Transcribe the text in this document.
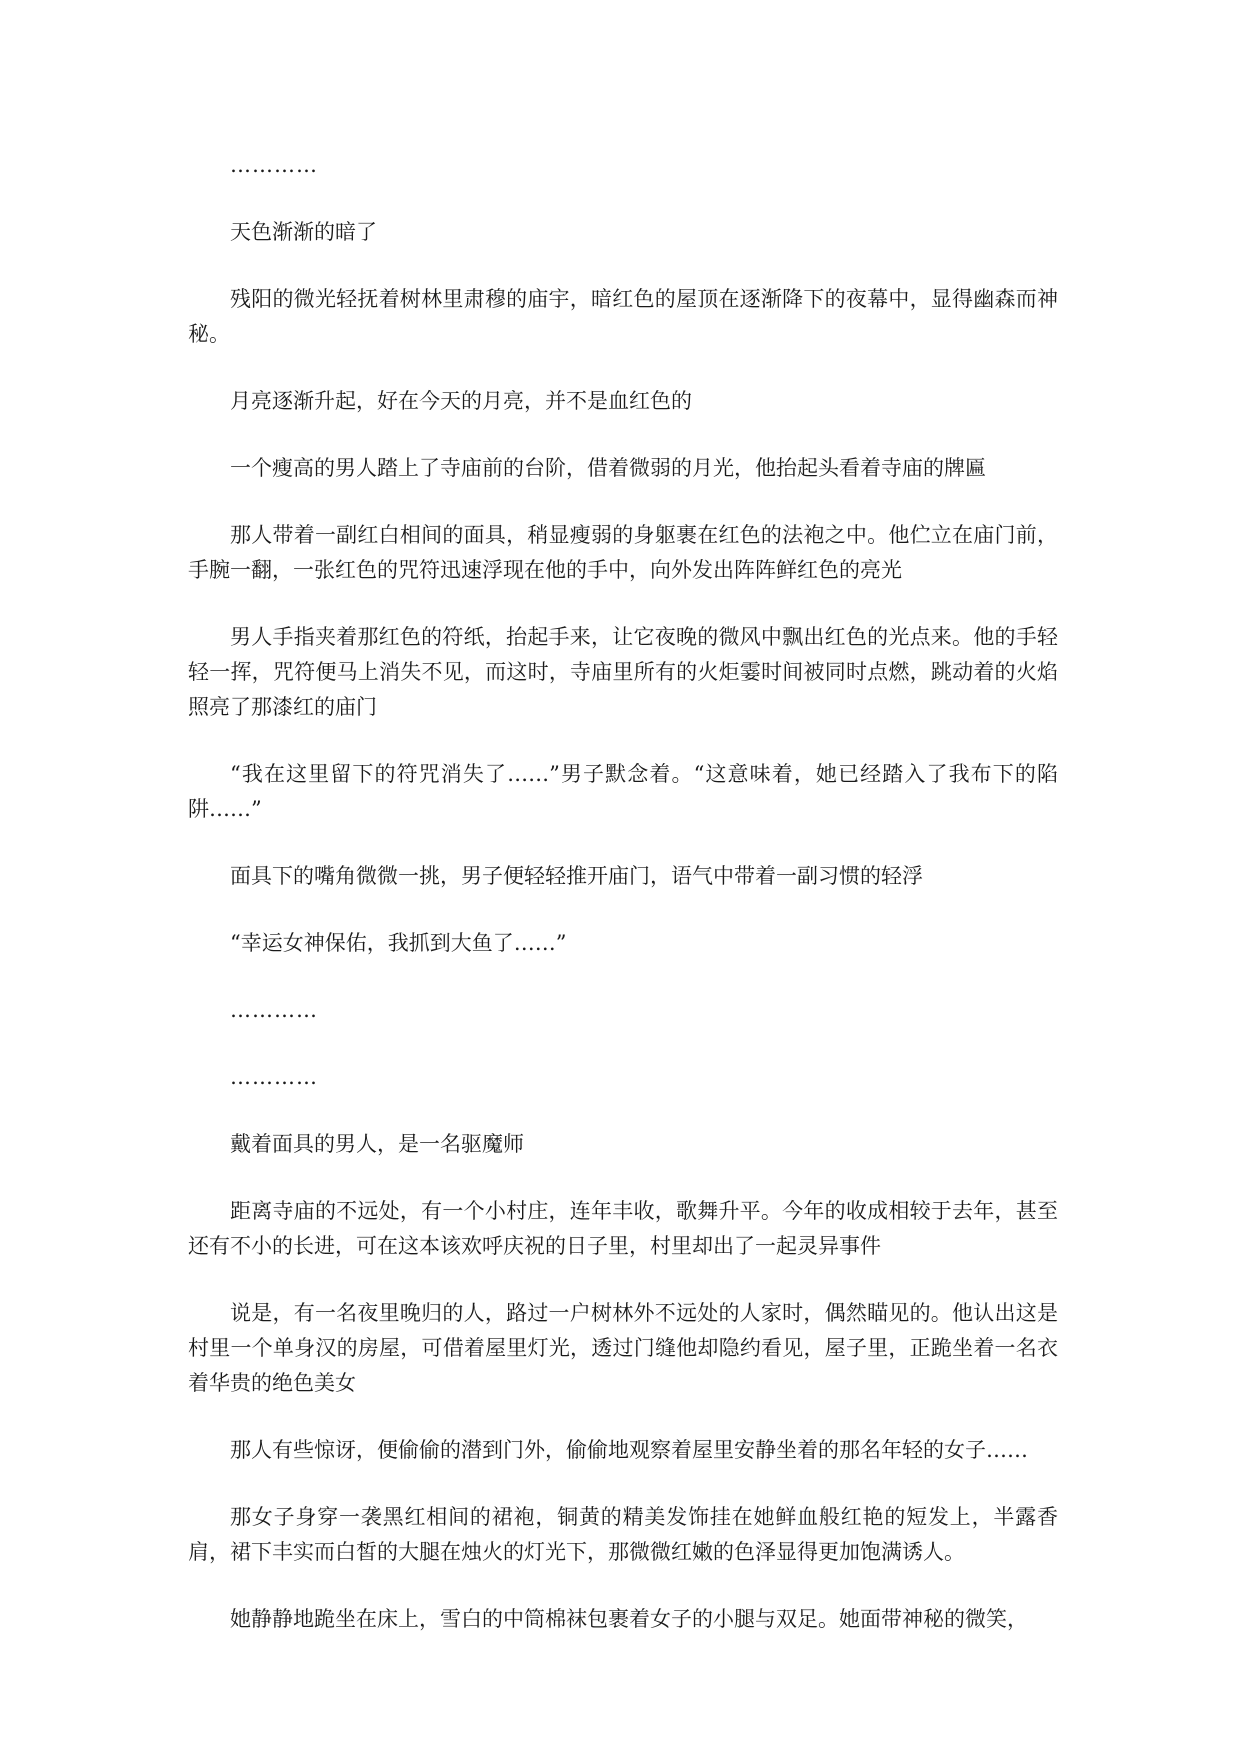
…………

天色渐渐的暗了

残阳的微光轻抚着树林里肃穆的庙宇，暗红色的屋顶在逐渐降下的夜幕中，显得幽森而神秘。

月亮逐渐升起，好在今天的月亮，并不是血红色的

一个瘦高的男人踏上了寺庙前的台阶，借着微弱的月光，他抬起头看着寺庙的牌匾

那人带着一副红白相间的面具，稍显瘦弱的身躯裹在红色的法袍之中。他伫立在庙门前，手腕一翻，一张红色的咒符迅速浮现在他的手中，向外发出阵阵鲜红色的亮光

男人手指夹着那红色的符纸，抬起手来，让它夜晚的微风中飘出红色的光点来。他的手轻轻一挥，咒符便马上消失不见，而这时，寺庙里所有的火炬霎时间被同时点燃，跳动着的火焰照亮了那漆红的庙门

“我在这里留下的符咒消失了……”男子默念着。“这意味着，她已经踏入了我布下的陷阱……”

面具下的嘴角微微一挑，男子便轻轻推开庙门，语气中带着一副习惯的轻浮

“幸运女神保佑，我抓到大鱼了……”

…………

…………

戴着面具的男人，是一名驱魔师

距离寺庙的不远处，有一个小村庄，连年丰收，歌舞升平。今年的收成相较于去年，甚至还有不小的长进，可在这本该欢呼庆祝的日子里，村里却出了一起灵异事件

说是，有一名夜里晚归的人，路过一户树林外不远处的人家时，偶然瞄见的。他认出这是村里一个单身汉的房屋，可借着屋里灯光，透过门缝他却隐约看见，屋子里，正跪坐着一名衣着华贵的绝色美女

那人有些惊讶，便偷偷的潜到门外，偷偷地观察着屋里安静坐着的那名年轻的女子……

那女子身穿一袭黑红相间的裙袍，铜黄的精美发饰挂在她鲜血般红艳的短发上，半露香肩，裙下丰实而白皙的大腿在烛火的灯光下，那微微红嫩的色泽显得更加饱满诱人。

她静静地跪坐在床上，雪白的中筒棉袜包裹着女子的小腿与双足。她面带神秘的微笑，
